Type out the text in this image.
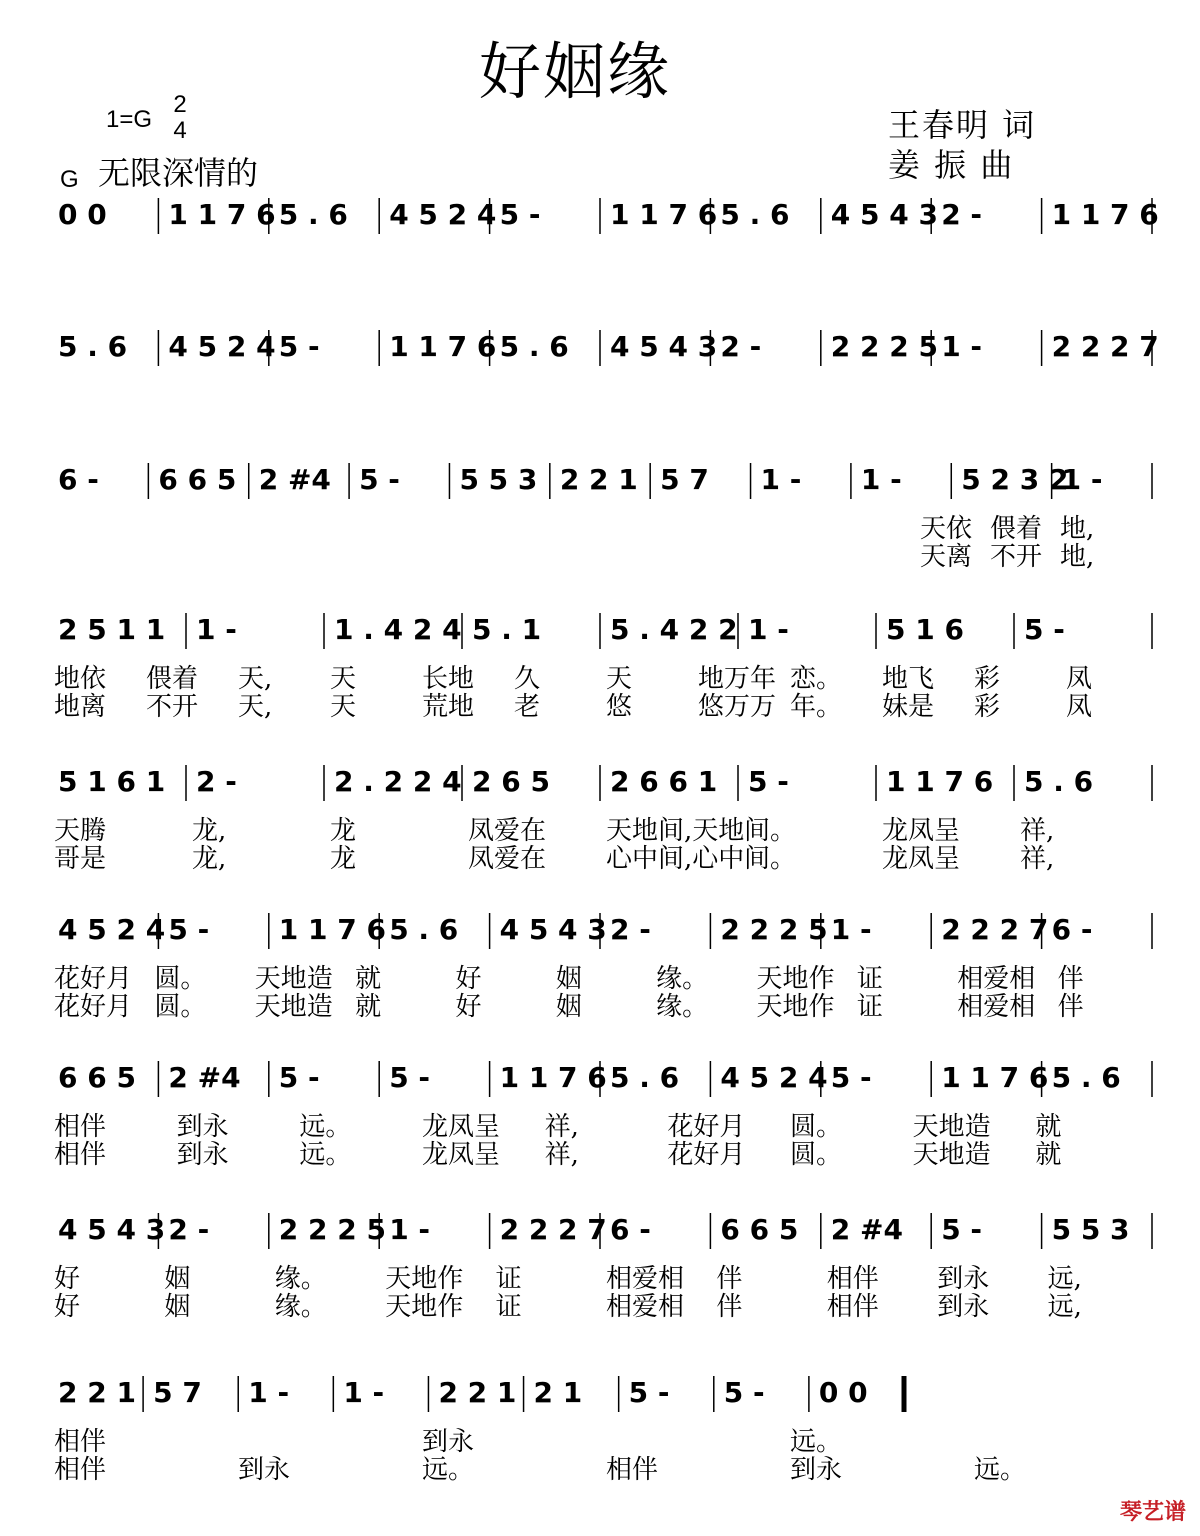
好姻缘
1=G
2
4
G 无限深情的
王春明 词
姜 振 曲
0 0 1 1 7 6 5 . 6 4 5 2 4 5 - 1 1 7 6 5 . 6 4 5 4 3 2 - 1 1 7 6
5 . 6 4 5 2 4 5 - 1 1 7 6 5 . 6 4 5 4 3 2 - 2 2 2 5 1 - 2 2 2 7
6 - 6 6 5 2 #4 5 - 5 5 3 2 2 1 5 7 1 - 1 - 5 2 3 2
1 -
天依 偎着 地,
天离 不开 地,
2 5 1 1 1 -	1 . 4 2 4 5 . 1 5 . 4 2 2 1 -	5 1 6 5 -
地依 偎着 天, 天	长地 久	天	地万年 恋。 地飞 彩	凤
地离 不开 天, 天	荒地 老	悠	悠万万 年。 妹是 彩	凤
5 1 6 1 2 -	2 . 2 2 4 2 6 5 2 6 6 1 5 -	1 1 7 6 5 . 6
天腾	龙,	龙	凤爱在 天地间,天地 间。	龙凤呈 祥,
哥是	龙,	龙	凤爱在 心中间,心中 间。	龙凤呈 祥,
4 5 2 4 5 - 1 1 7 6 5 . 6 4 5 4 3 2 - 2 2 2 5 1 - 2 2 2 7 6 -
花好月 圆。 天地造 就	好	姻	缘。 天地作 证	相爱相 伴
花好月 圆。 天地造 就	好	姻	缘。 天地作 证	相爱相 伴
6 6 5 2 #4 5 - 5 - 1 1 7 6 5 . 6 4 5 2 4 5 - 1 1 7 6 5 . 6
相伴	到永	远。	龙凤呈 祥,	花好月 圆。	天地造 就
相伴	到永	远。	龙凤呈 祥,	花好月 圆。	天地造 就
4 5 4 3 2 - 2 2 2 5 1 - 2 2 2 7 6 - 6 6 5 2 #4 5 - 5 5 3
好	姻	缘。 天地作 证	相爱相 伴	相伴 到永 远,
好	姻	缘。 天地作 证	相爱相 伴	相伴 到永 远,
2 2 1 5 7 1 - 1 - 2 2 1 2 1 5 - 5 - 0 0
相伴	到永	远。
相伴	到永	远。	相伴	到永	远。
琴艺谱
